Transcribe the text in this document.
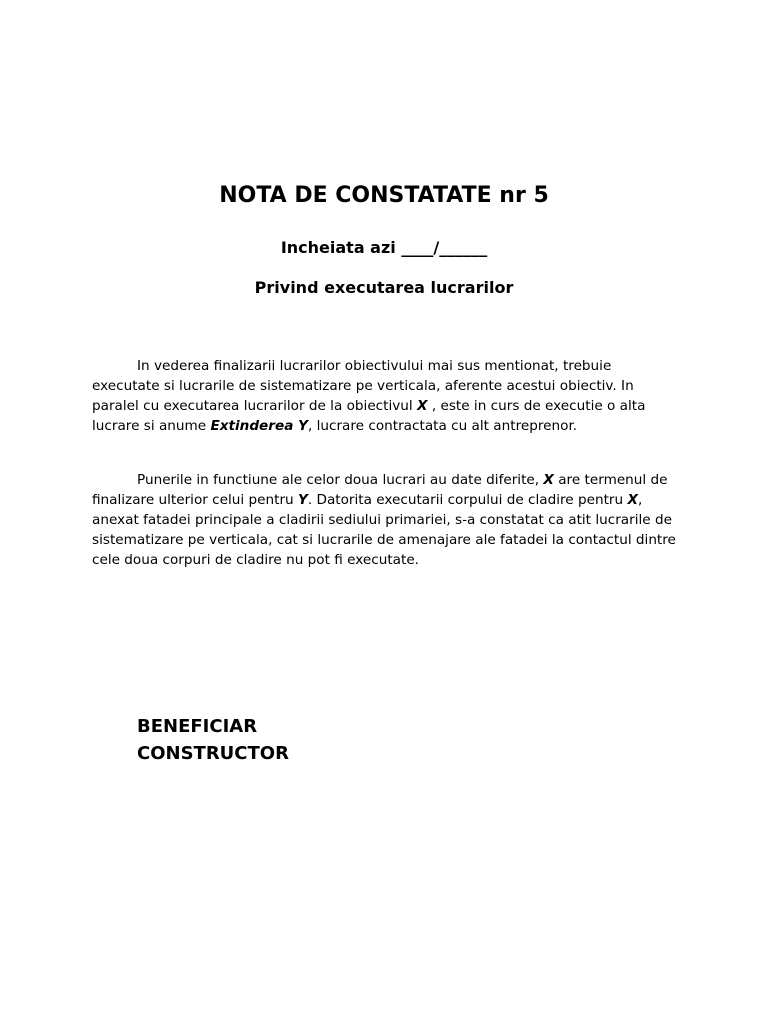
NOTA DE CONSTATATE nr 5

Incheiata azi ____/______

Privind executarea lucrarilor

In vederea finalizarii lucrarilor obiectivului mai sus mentionat, trebuie executate si lucrarile de sistematizare pe verticala, aferente acestui obiectiv. In paralel cu executarea lucrarilor de la obiectivul X , este in curs de executie o alta lucrare si anume Extinderea Y, lucrare contractata cu alt antreprenor.

Punerile in functiune ale celor doua lucrari au date diferite, X are termenul de finalizare ulterior celui pentru Y. Datorita executarii corpului de cladire pentru X, anexat fatadei principale a cladirii sediului primariei, s-a constatat ca atit lucrarile de sistematizare pe verticala, cat si lucrarile de amenajare ale fatadei la contactul dintre cele doua corpuri de cladire nu pot fi executate.

BENEFICIAR

CONSTRUCTOR
